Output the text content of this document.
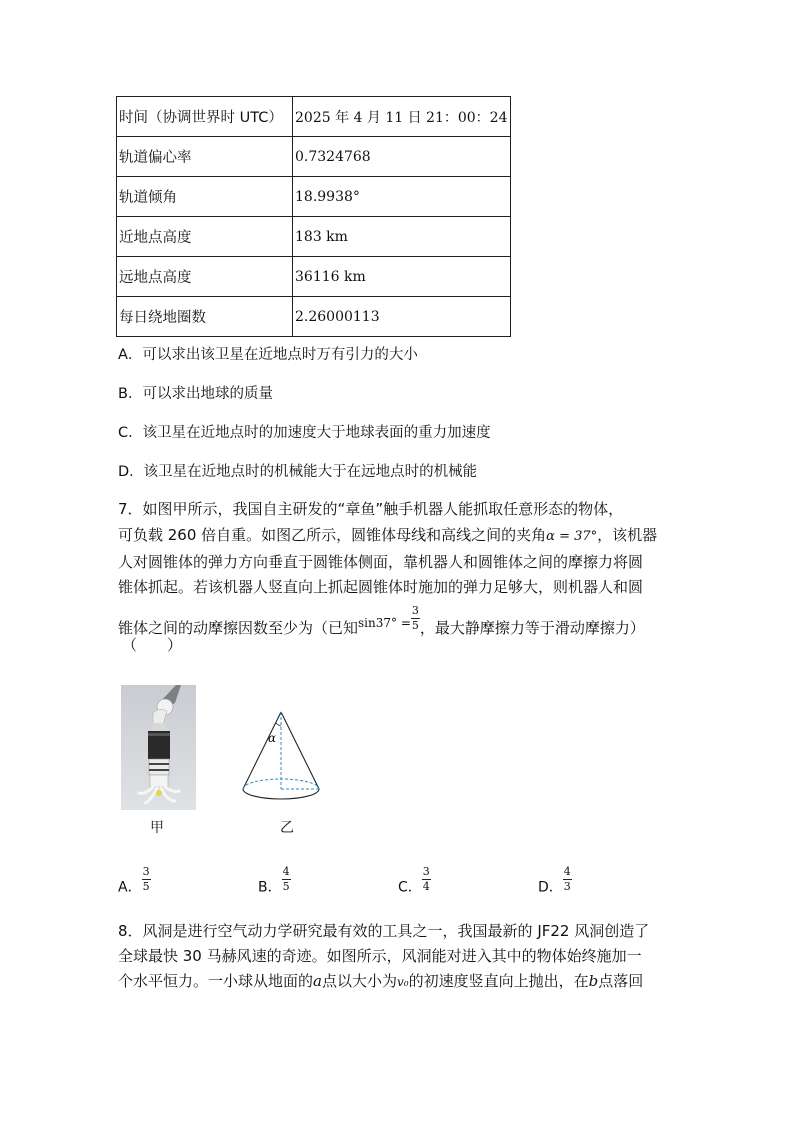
时间（协调世界时 UTC）	2025 年 4 月 11 日 21：00：24
轨道偏心率	0.7324768
轨道倾角	18.9938°
近地点高度	183 km
远地点高度	36116 km
每日绕地圈数	2.26000113
A．可以求出该卫星在近地点时万有引力的大小
B．可以求出地球的质量
C．该卫星在近地点时的加速度大于地球表面的重力加速度
D．该卫星在近地点时的机械能大于在远地点时的机械能
7．如图甲所示，我国自主研发的“章鱼”触手机器人能抓取任意形态的物体，
可负载 260 倍自重。如图乙所示，圆锥体母线和高线之间的夹角α = 37°，该机器
人对圆锥体的弹力方向垂直于圆锥体侧面，靠机器人和圆锥体之间的摩擦力将圆
锥体抓起。若该机器人竖直向上抓起圆锥体时施加的弹力足够大，则机器人和圆
锥体之间的动摩擦因数至少为（已知$^{sin37^\circ =}\frac{3}{5}$，最大静摩擦力等于滑动摩擦力）
（　　）
甲
α
乙
A．$\frac{3}{5}$	B．$\frac{4}{5}$	C．$\frac{3}{4}$	D．$\frac{4}{3}$
8．风洞是进行空气动力学研究最有效的工具之一，我国最新的 JF22 风洞创造了
全球最快 30 马赫风速的奇迹。如图所示，风洞能对进入其中的物体始终施加一
个水平恒力。一小球从地面的a点以大小为v₀的初速度竖直向上抛出，在b点落回
